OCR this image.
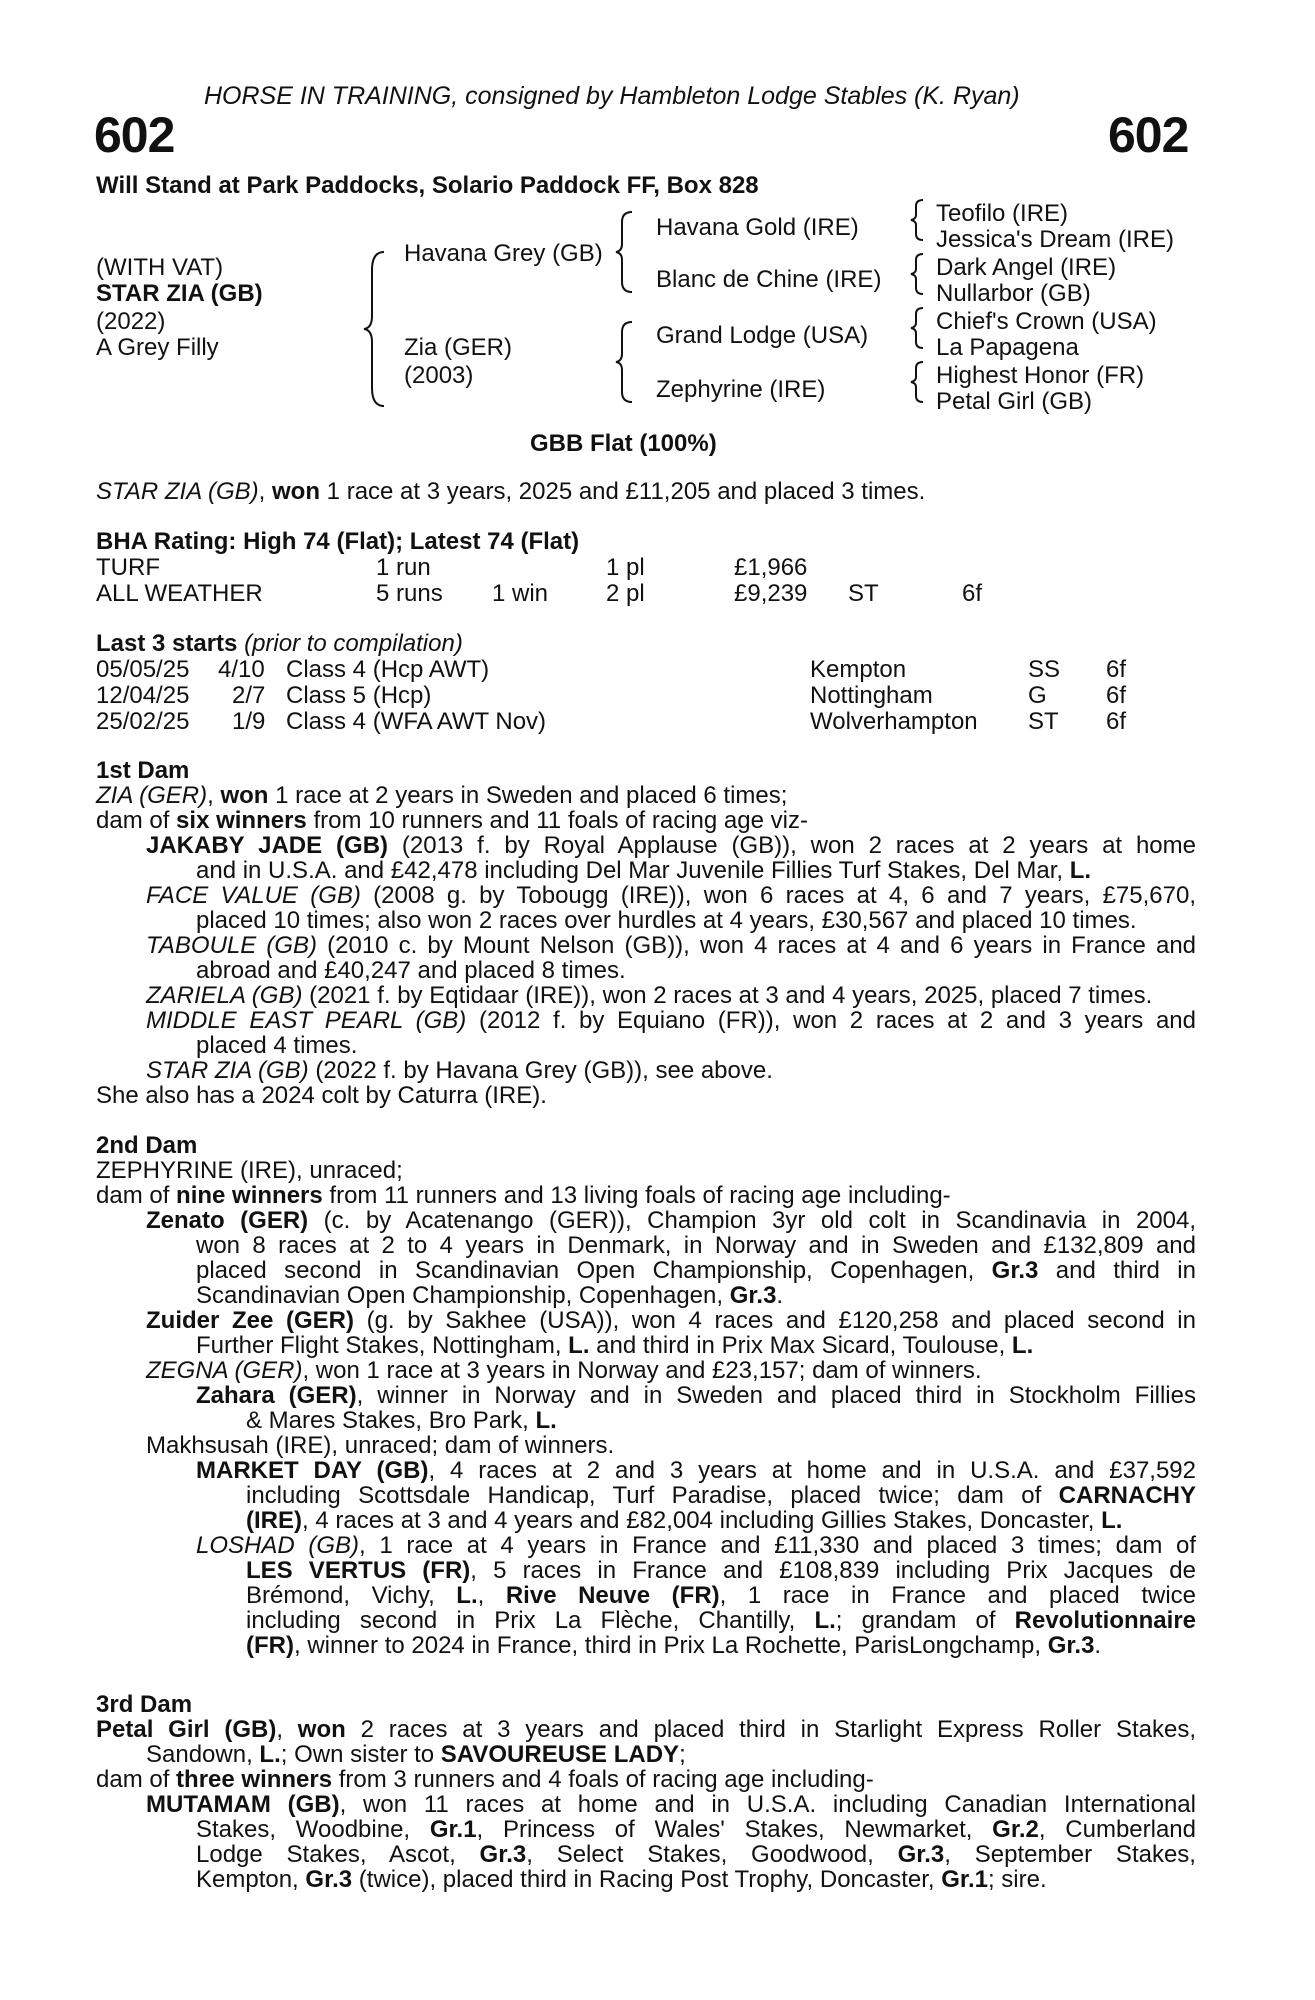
HORSE IN TRAINING, consigned by Hambleton Lodge Stables (K. Ryan)
602	602
Will Stand at Park Paddocks, Solario Paddock FF, Box 828
(WITH VAT)
STAR ZIA (GB)
(2022)
A Grey Filly
Havana Grey (GB)
Zia (GER)
(2003)
Havana Gold (IRE)
Blanc de Chine (IRE)
Grand Lodge (USA)
Zephyrine (IRE)
Teofilo (IRE)
Jessica's Dream (IRE)
Dark Angel (IRE)
Nullarbor (GB)
Chief's Crown (USA)
La Papagena
Highest Honor (FR)
Petal Girl (GB)
GBB Flat (100%)
STAR ZIA (GB), won 1 race at 3 years, 2025 and £11,205 and placed 3 times.
BHA Rating: High 74 (Flat); Latest 74 (Flat)
TURF	1 run	1 pl	£1,966
ALL WEATHER	5 runs 1 win 2 pl	£9,239 ST	6f
Last 3 starts (prior to compilation)
05/05/25 4/10 Class 4 (Hcp AWT)	Kempton	SS 6f
12/04/25 2/7 Class 5 (Hcp)	Nottingham	G 6f
25/02/25 1/9 Class 4 (WFA AWT Nov)	Wolverhampton ST 6f
1st Dam
ZIA (GER), won 1 race at 2 years in Sweden and placed 6 times;
dam of six winners from 10 runners and 11 foals of racing age viz-
JAKABY JADE (GB) (2013 f. by Royal Applause (GB)), won 2 races at 2 years at home
and in U.S.A. and £42,478 including Del Mar Juvenile Fillies Turf Stakes, Del Mar, L.
FACE VALUE (GB) (2008 g. by Tobougg (IRE)), won 6 races at 4, 6 and 7 years, £75,670,
placed 10 times; also won 2 races over hurdles at 4 years, £30,567 and placed 10 times.
TABOULE (GB) (2010 c. by Mount Nelson (GB)), won 4 races at 4 and 6 years in France and
abroad and £40,247 and placed 8 times.
ZARIELA (GB) (2021 f. by Eqtidaar (IRE)), won 2 races at 3 and 4 years, 2025, placed 7 times.
MIDDLE EAST PEARL (GB) (2012 f. by Equiano (FR)), won 2 races at 2 and 3 years and
placed 4 times.
STAR ZIA (GB) (2022 f. by Havana Grey (GB)), see above.
She also has a 2024 colt by Caturra (IRE).
2nd Dam
ZEPHYRINE (IRE), unraced;
dam of nine winners from 11 runners and 13 living foals of racing age including-
Zenato (GER) (c. by Acatenango (GER)), Champion 3yr old colt in Scandinavia in 2004,
won 8 races at 2 to 4 years in Denmark, in Norway and in Sweden and £132,809 and
placed second in Scandinavian Open Championship, Copenhagen, Gr.3 and third in
Scandinavian Open Championship, Copenhagen, Gr.3.
Zuider Zee (GER) (g. by Sakhee (USA)), won 4 races and £120,258 and placed second in
Further Flight Stakes, Nottingham, L. and third in Prix Max Sicard, Toulouse, L.
ZEGNA (GER), won 1 race at 3 years in Norway and £23,157; dam of winners.
Zahara (GER), winner in Norway and in Sweden and placed third in Stockholm Fillies
& Mares Stakes, Bro Park, L.
Makhsusah (IRE), unraced; dam of winners.
MARKET DAY (GB), 4 races at 2 and 3 years at home and in U.S.A. and £37,592
including Scottsdale Handicap, Turf Paradise, placed twice; dam of CARNACHY
(IRE), 4 races at 3 and 4 years and £82,004 including Gillies Stakes, Doncaster, L.
LOSHAD (GB), 1 race at 4 years in France and £11,330 and placed 3 times; dam of
LES VERTUS (FR), 5 races in France and £108,839 including Prix Jacques de
Brémond, Vichy, L., Rive Neuve (FR), 1 race in France and placed twice
including second in Prix La Flèche, Chantilly, L.; grandam of Revolutionnaire
(FR), winner to 2024 in France, third in Prix La Rochette, ParisLongchamp, Gr.3.
3rd Dam
Petal Girl (GB), won 2 races at 3 years and placed third in Starlight Express Roller Stakes,
Sandown, L.; Own sister to SAVOUREUSE LADY;
dam of three winners from 3 runners and 4 foals of racing age including-
MUTAMAM (GB), won 11 races at home and in U.S.A. including Canadian International
Stakes, Woodbine, Gr.1, Princess of Wales' Stakes, Newmarket, Gr.2, Cumberland
Lodge Stakes, Ascot, Gr.3, Select Stakes, Goodwood, Gr.3, September Stakes,
Kempton, Gr.3 (twice), placed third in Racing Post Trophy, Doncaster, Gr.1; sire.
